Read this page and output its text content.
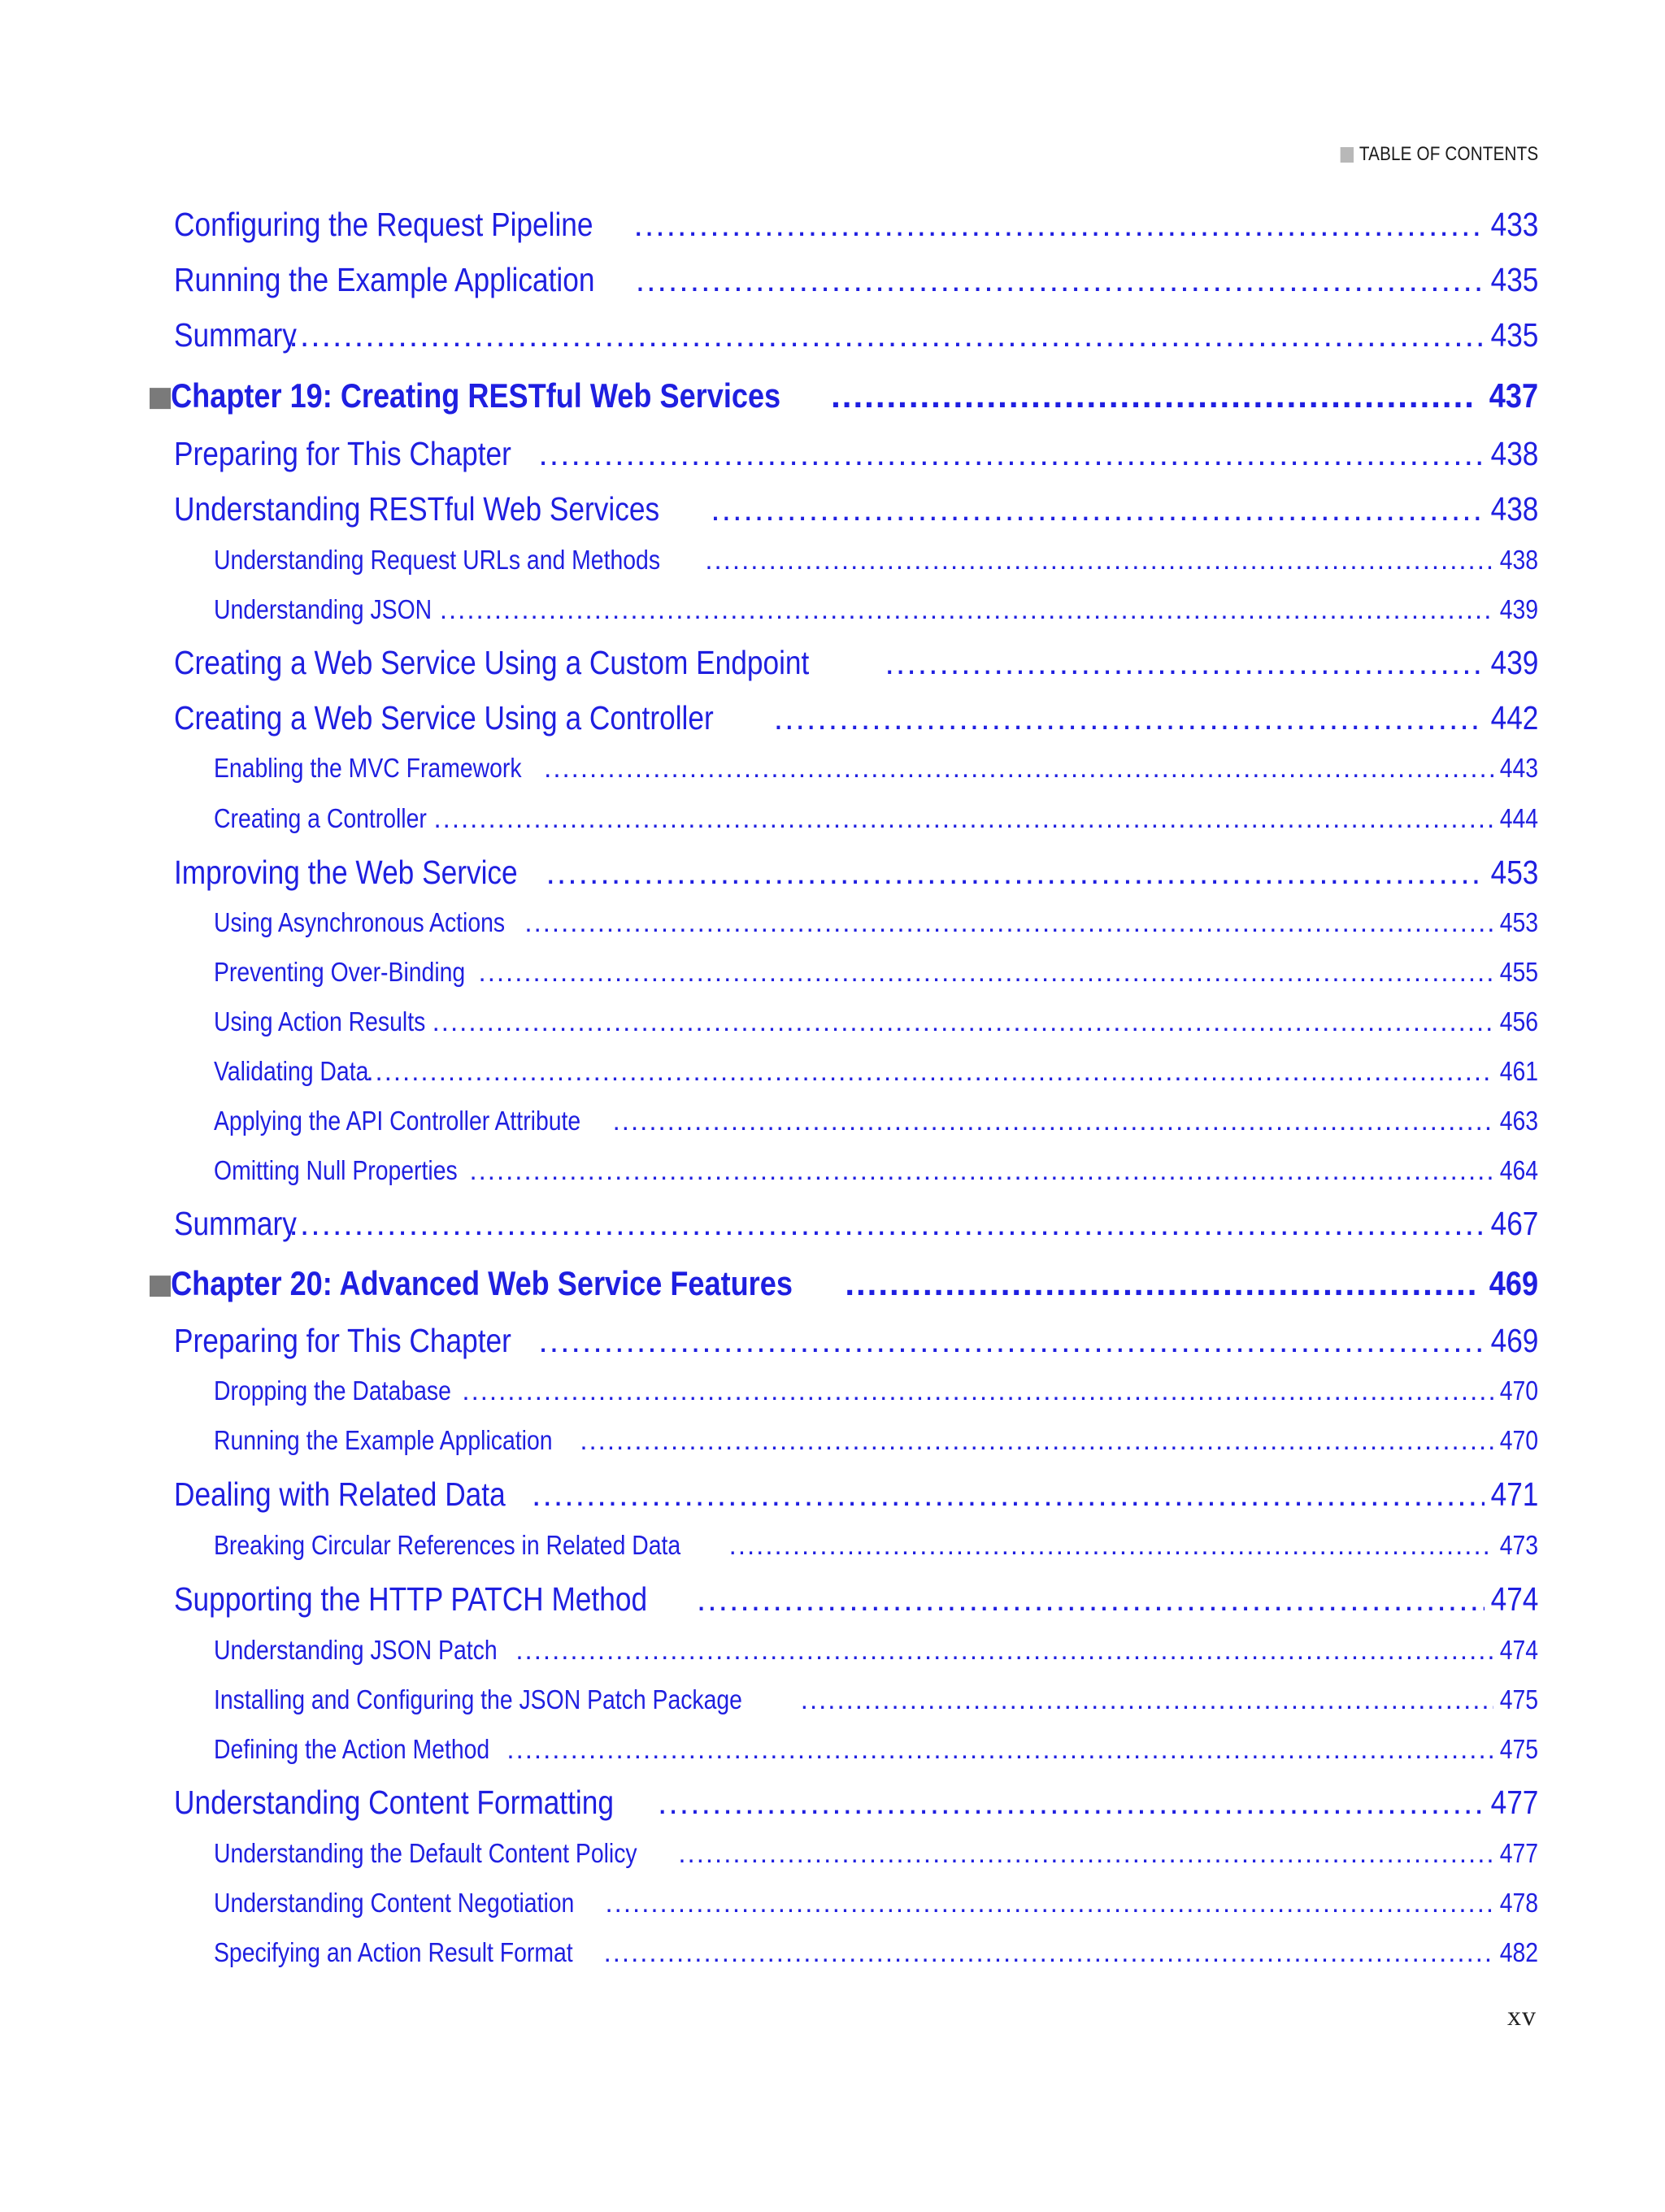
TABLE OF CONTENTS
Configuring the Request Pipeline .....	433
Running the Example Application .....	435
Summary .....	435
Chapter 19: Creating RESTful Web Services .....	437
Preparing for This Chapter .....	438
Understanding RESTful Web Services .....	438
Understanding Request URLs and Methods .....	438
Understanding JSON .....	439
Creating a Web Service Using a Custom Endpoint .....	439
Creating a Web Service Using a Controller .....	442
Enabling the MVC Framework .....	443
Creating a Controller .....	444
Improving the Web Service .....	453
Using Asynchronous Actions .....	453
Preventing Over-Binding .....	455
Using Action Results .....	456
Validating Data .....	461
Applying the API Controller Attribute .....	463
Omitting Null Properties .....	464
Summary .....	467
Chapter 20: Advanced Web Service Features .....	469
Preparing for This Chapter .....	469
Dropping the Database .....	470
Running the Example Application .....	470
Dealing with Related Data .....	471
Breaking Circular References in Related Data .....	473
Supporting the HTTP PATCH Method .....	474
Understanding JSON Patch .....	474
Installing and Configuring the JSON Patch Package .....	475
Defining the Action Method .....	475
Understanding Content Formatting .....	477
Understanding the Default Content Policy .....	477
Understanding Content Negotiation .....	478
Specifying an Action Result Format .....	482
xv
